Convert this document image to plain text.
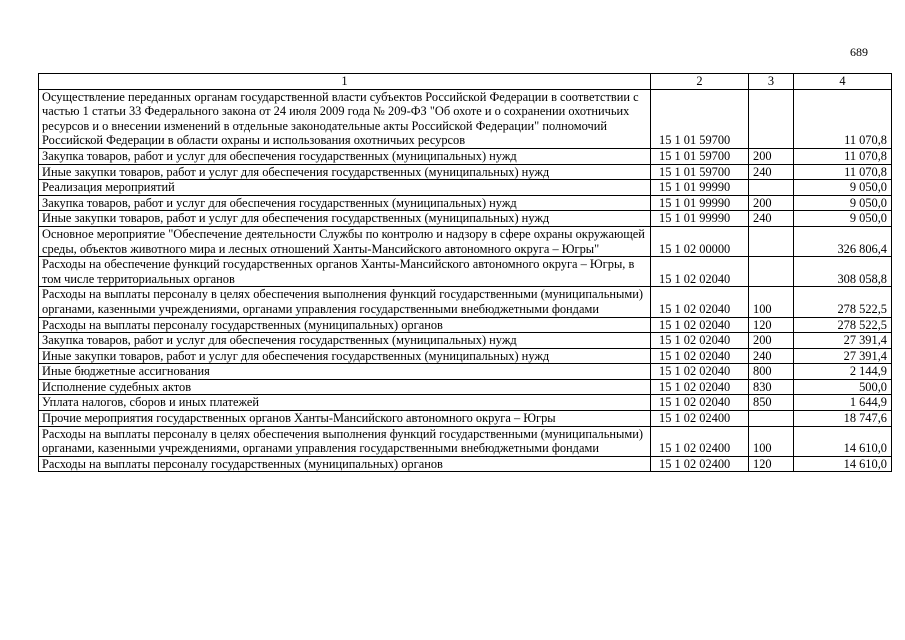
689
1	2	3	4
Осуществление переданных органам государственной власти субъектов Российской Федерации в соответствии с частью 1 статьи 33 Федерального закона от 24 июля 2009 года № 209-ФЗ "Об охоте и о сохранении охотничьих ресурсов и о внесении изменений в отдельные законодательные акты Российской Федерации" полномочий Российской Федерации в области охраны и использования охотничьих ресурсов	15 1 01 59700		11 070,8
Закупка товаров, работ и услуг для обеспечения государственных (муниципальных) нужд	15 1 01 59700	200	11 070,8
Иные закупки товаров, работ и услуг для обеспечения государственных (муниципальных) нужд	15 1 01 59700	240	11 070,8
Реализация мероприятий	15 1 01 99990		9 050,0
Закупка товаров, работ и услуг для обеспечения государственных (муниципальных) нужд	15 1 01 99990	200	9 050,0
Иные закупки товаров, работ и услуг для обеспечения государственных (муниципальных) нужд	15 1 01 99990	240	9 050,0
Основное мероприятие "Обеспечение деятельности Службы по контролю и надзору в сфере охраны окружающей среды, объектов животного мира и лесных отношений Ханты-Мансийского автономного округа – Югры"	15 1 02 00000		326 806,4
Расходы на обеспечение функций государственных органов Ханты-Мансийского автономного округа – Югры, в том числе территориальных органов	15 1 02 02040		308 058,8
Расходы на выплаты персоналу в целях обеспечения выполнения функций государственными (муниципальными) органами, казенными учреждениями, органами управления государственными внебюджетными фондами	15 1 02 02040	100	278 522,5
Расходы на выплаты персоналу государственных (муниципальных) органов	15 1 02 02040	120	278 522,5
Закупка товаров, работ и услуг для обеспечения государственных (муниципальных) нужд	15 1 02 02040	200	27 391,4
Иные закупки товаров, работ и услуг для обеспечения государственных (муниципальных) нужд	15 1 02 02040	240	27 391,4
Иные бюджетные ассигнования	15 1 02 02040	800	2 144,9
Исполнение судебных актов	15 1 02 02040	830	500,0
Уплата налогов, сборов и иных платежей	15 1 02 02040	850	1 644,9
Прочие мероприятия государственных органов Ханты-Мансийского автономного округа – Югры	15 1 02 02400		18 747,6
Расходы на выплаты персоналу в целях обеспечения выполнения функций государственными (муниципальными) органами, казенными учреждениями, органами управления государственными внебюджетными фондами	15 1 02 02400	100	14 610,0
Расходы на выплаты персоналу государственных (муниципальных) органов	15 1 02 02400	120	14 610,0
